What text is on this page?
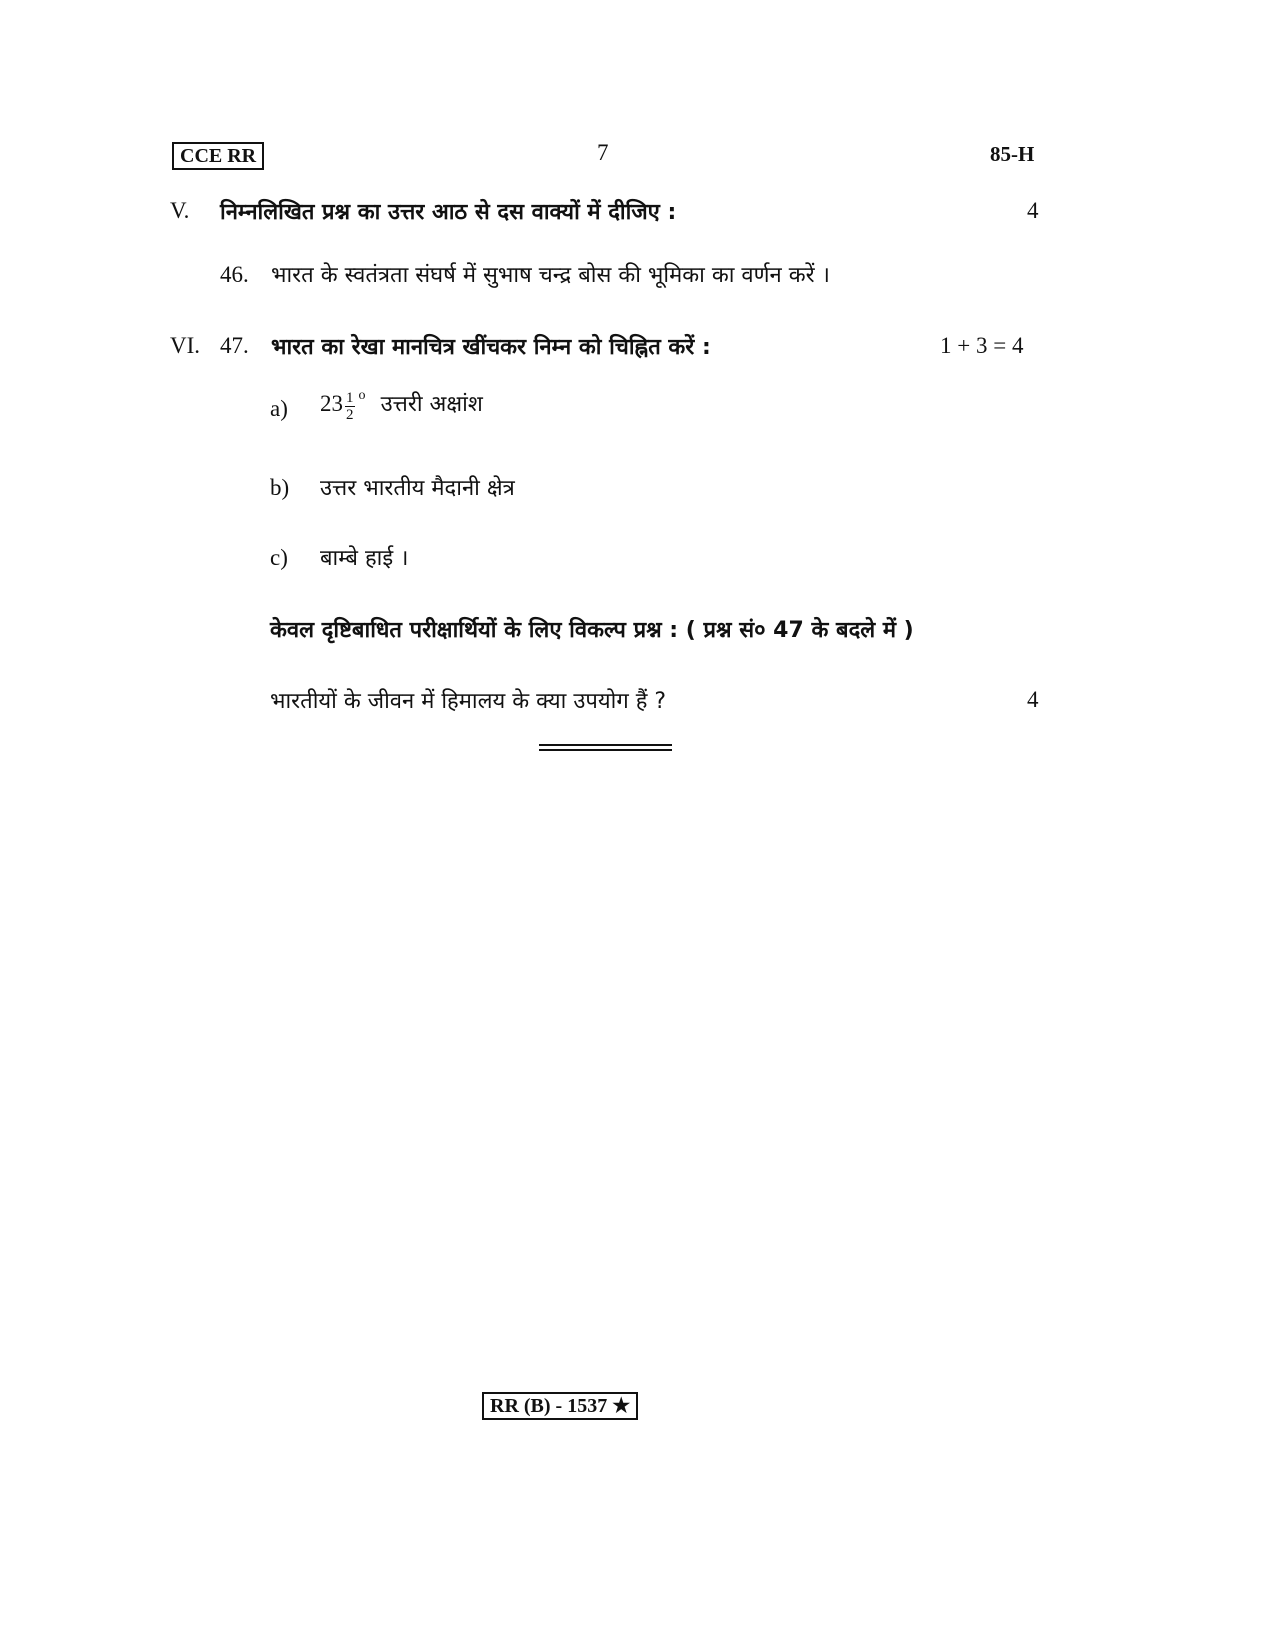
CCE RR	7	85-H
V. निम्नलिखित प्रश्न का उत्तर आठ से दस वाक्यों में दीजिए :	4
46. भारत के स्वतंत्रता संघर्ष में सुभाष चन्द्र बोस की भूमिका का वर्णन करें ।
VI. 47. भारत का रेखा मानचित्र खींचकर निम्न को चिह्नित करें :	1 + 3 = 4
a) $23 \frac{1}{2}$ o उत्तरी अक्षांश
b) उत्तर भारतीय मैदानी क्षेत्र
c) बाम्बे हाई ।
केवल दृष्टिबाधित परीक्षार्थियों के लिए विकल्प प्रश्न : ( प्रश्न सं० 47 के बदले में )
भारतीयों के जीवन में हिमालय के क्या उपयोग हैं ?	4
RR (B) - 1537 ★
